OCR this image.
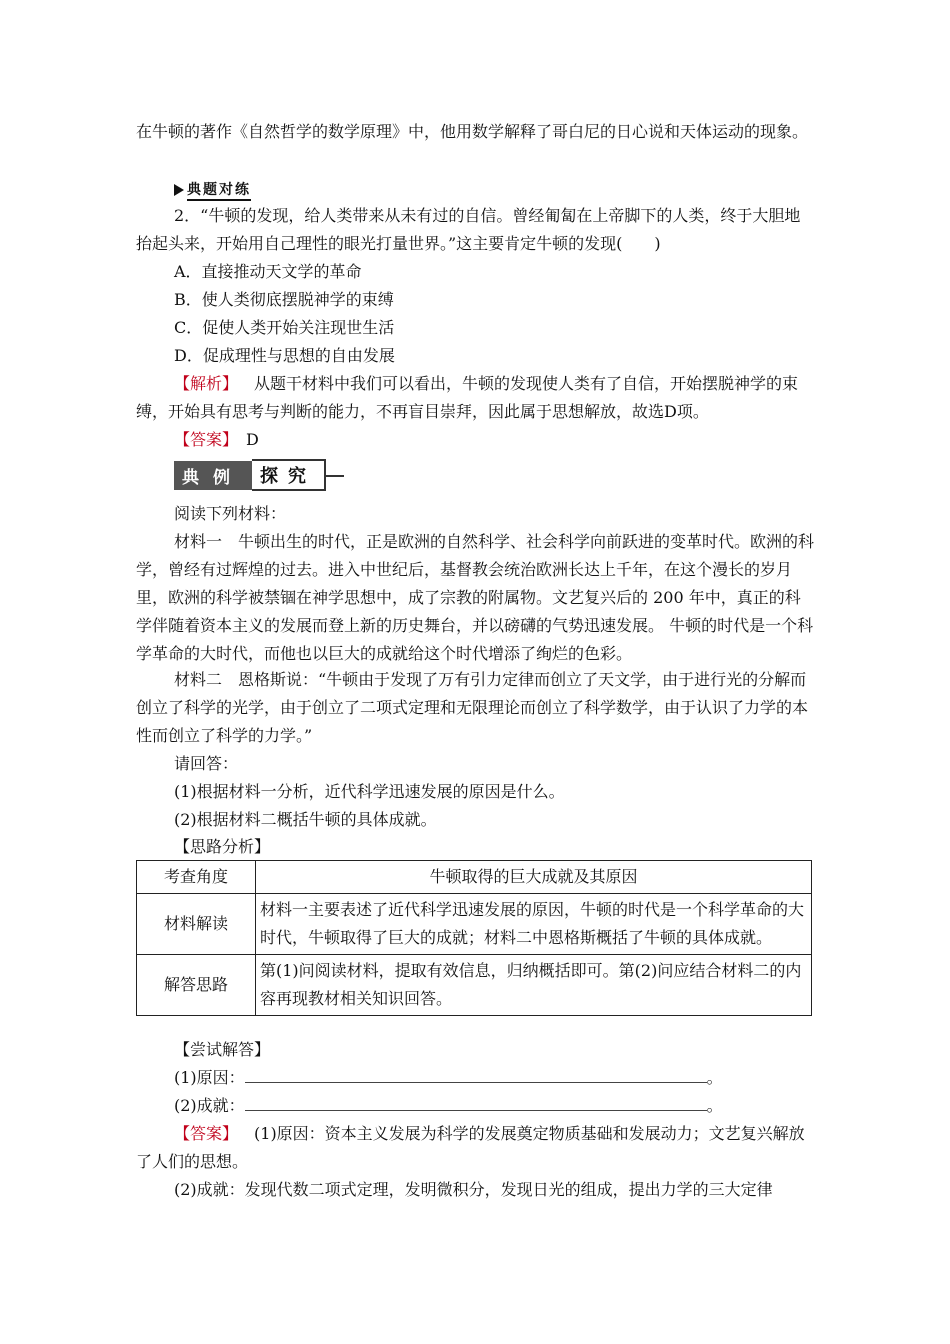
在牛顿的著作《自然哲学的数学原理》中，他用数学解释了哥白尼的日心说和天体运动的现象。

典题对练

2．“牛顿的发现，给人类带来从未有过的自信。曾经匍匐在上帝脚下的人类，终于大胆地抬起头来，开始用自己理性的眼光打量世界。”这主要肯定牛顿的发现(　　)

A．直接推动天文学的革命
B．使人类彻底摆脱神学的束缚
C．促使人类开始关注现世生活
D．促成理性与思想的自由发展

【解析】  从题干材料中我们可以看出，牛顿的发现使人类有了自信，开始摆脱神学的束缚，开始具有思考与判断的能力，不再盲目崇拜，因此属于思想解放，故选D项。

【答案】  D
典例 探究
阅读下列材料：

材料一　牛顿出生的时代，正是欧洲的自然科学、社会科学向前跃进的变革时代。欧洲的科学，曾经有过辉煌的过去。进入中世纪后，基督教会统治欧洲长达上千年，在这个漫长的岁月里，欧洲的科学被禁锢在神学思想中，成了宗教的附属物。文艺复兴后的 200 年中，真正的科学伴随着资本主义的发展而登上新的历史舞台，并以磅礴的气势迅速发展。 牛顿的时代是一个科学革命的大时代，而他也以巨大的成就给这个时代增添了绚烂的色彩。

材料二　恩格斯说：“牛顿由于发现了万有引力定律而创立了天文学，由于进行光的分解而创立了科学的光学，由于创立了二项式定理和无限理论而创立了科学数学，由于认识了力学的本性而创立了科学的力学。”

请回答：
(1)根据材料一分析，近代科学迅速发展的原因是什么。
(2)根据材料二概括牛顿的具体成就。
【思路分析】
考查角度	牛顿取得的巨大成就及其原因
材料解读	材料一主要表述了近代科学迅速发展的原因，牛顿的时代是一个科学革命的大时代，牛顿取得了巨大的成就；材料二中恩格斯概括了牛顿的具体成就。
解答思路	第(1)问阅读材料，提取有效信息，归纳概括即可。第(2)问应结合材料二的内容再现教材相关知识回答。
【尝试解答】
(1)原因：	。
(2)成就：	。

【答案】  (1)原因：资本主义发展为科学的发展奠定物质基础和发展动力；文艺复兴解放了人们的思想。

(2)成就：发现代数二项式定理，发明微积分，发现日光的组成，提出力学的三大定律
